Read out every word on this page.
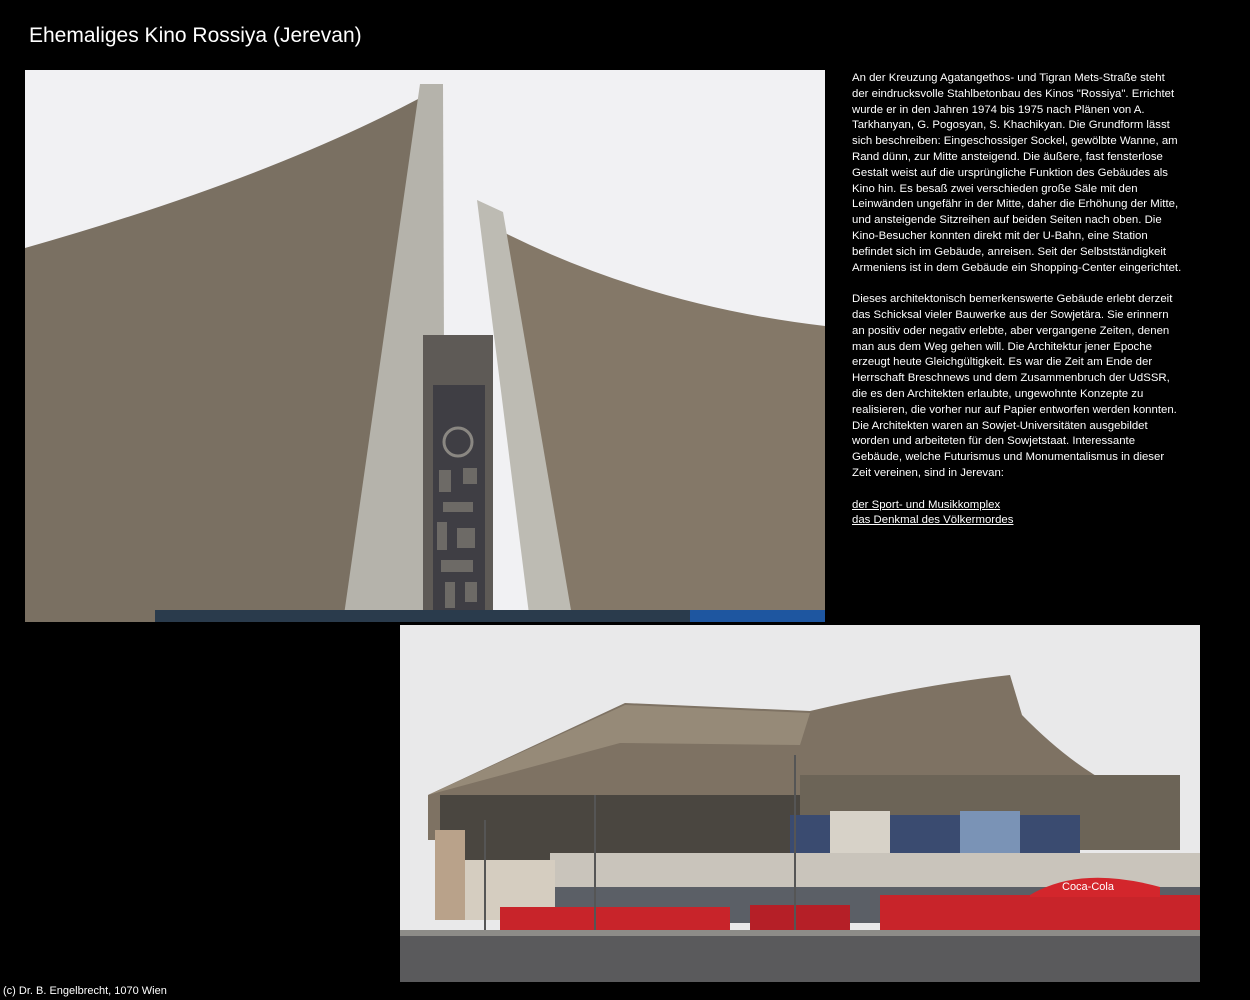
Ehemaliges Kino Rossiya (Jerevan)

An der Kreuzung Agatangethos- und Tigran Mets-Straße steht der eindrucksvolle Stahlbetonbau des Kinos "Rossiya". Errichtet wurde er in den Jahren 1974 bis 1975 nach Plänen von A. Tarkhanyan, G. Pogosyan, S. Khachikyan. Die Grundform lässt sich beschreiben: Eingeschossiger Sockel, gewölbte Wanne, am Rand dünn, zur Mitte ansteigend. Die äußere, fast fensterlose Gestalt weist auf die ursprüngliche Funktion des Gebäudes als Kino hin. Es besaß zwei verschieden große Säle mit den Leinwänden ungefähr in der Mitte, daher die Erhöhung der Mitte, und ansteigende Sitzreihen auf beiden Seiten nach oben. Die Kino-Besucher konnten direkt mit der U-Bahn, eine Station befindet sich im Gebäude, anreisen. Seit der Selbstständigkeit Armeniens ist in dem Gebäude ein Shopping-Center eingerichtet.

Dieses architektonisch bemerkenswerte Gebäude erlebt derzeit das Schicksal vieler Bauwerke aus der Sowjetära. Sie erinnern an positiv oder negativ erlebte, aber vergangene Zeiten, denen man aus dem Weg gehen will. Die Architektur jener Epoche erzeugt heute Gleichgültigkeit. Es war die Zeit am Ende der Herrschaft Breschnews und dem Zusammenbruch der UdSSR, die es den Architekten erlaubte, ungewohnte Konzepte zu realisieren, die vorher nur auf Papier entworfen werden konnten. Die Architekten waren an Sowjet-Universitäten ausgebildet worden und arbeiteten für den Sowjetstaat. Interessante Gebäude, welche Futurismus und Monumentalismus in dieser Zeit vereinen, sind in Jerevan:

der Sport- und Musikkomplex
das Denkmal des Völkermordes
Coca-Cola
(c) Dr. B. Engelbrecht, 1070 Wien
